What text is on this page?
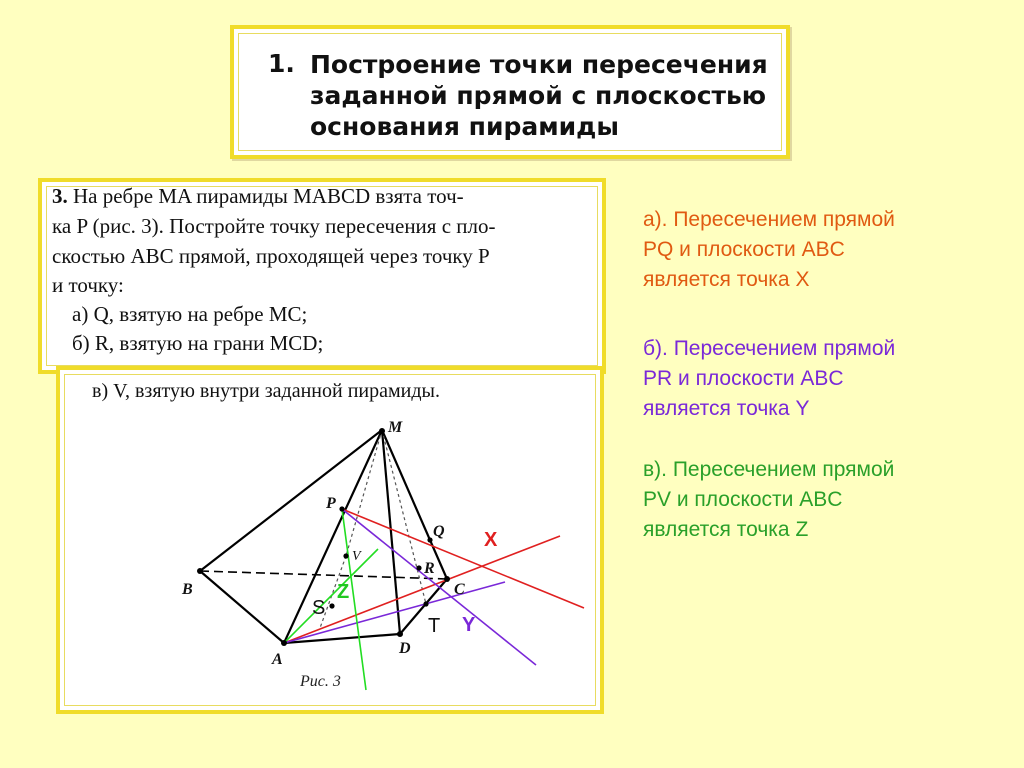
1. Построение точки пересечения
заданной прямой с плоскостью
основания пирамиды
3. На ребре MA пирамиды MABCD взята точ-
ка P (рис. 3). Постройте точку пересечения с пло-
скостью ABC прямой, проходящей через точку P
и точку:
а) Q, взятую на ребре MC;
б) R, взятую на грани MCD;
в) V, взятую внутри заданной пирамиды.
M
P
Q
R
B	C
A
D
V
S
T
X
Y
Z
Рис. 3
а). Пересечением прямой
PQ и плоскости ABC
является точка X
б). Пересечением прямой
PR и плоскости ABC
является точка Y
в). Пересечением прямой
PV и плоскости ABC
является точка Z
